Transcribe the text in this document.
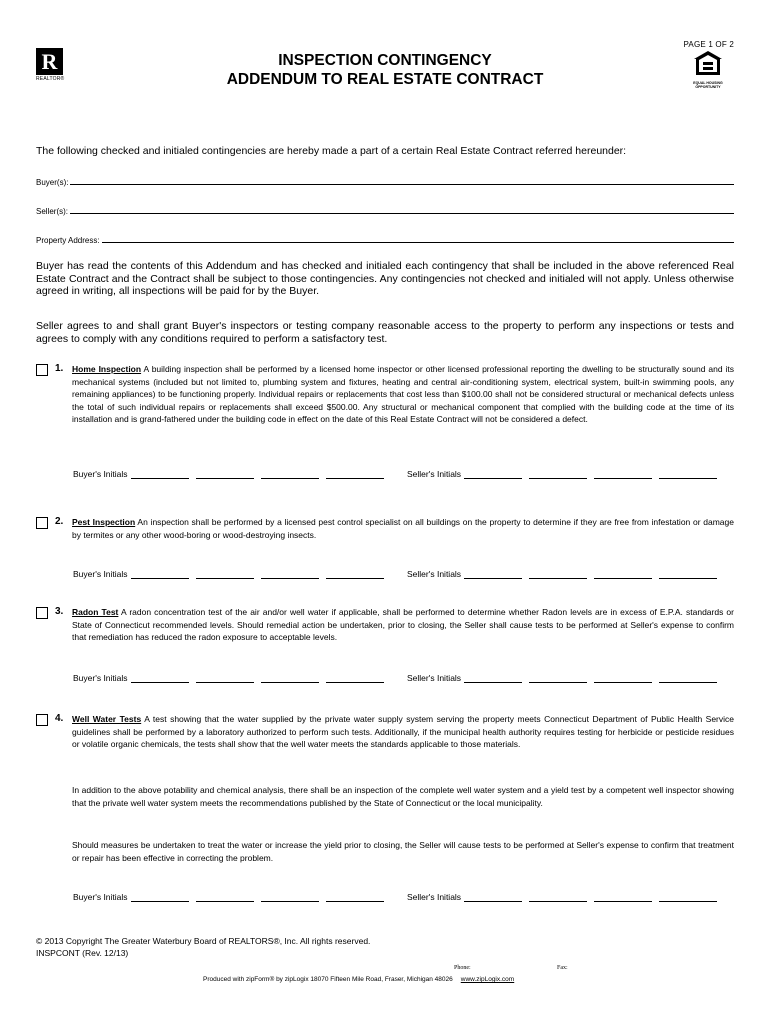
PAGE 1 OF 2
R
REALTOR®
EQUAL HOUSING
OPPORTUNITY
INSPECTION CONTINGENCY
ADDENDUM TO REAL ESTATE CONTRACT
The following checked and initialed contingencies are hereby made a part of a certain Real Estate Contract referred hereunder:
Buyer(s):
Seller(s):
Property Address:
Buyer has read the contents of this Addendum and has checked and initialed each contingency that shall be included in the above referenced Real Estate Contract and the Contract shall be subject to those contingencies. Any contingencies not checked and initialed will not apply. Unless otherwise agreed in writing, all inspections will be paid for by the Buyer.
Seller agrees to and shall grant Buyer's inspectors or testing company reasonable access to the property to perform any inspections or tests and agrees to comply with any conditions required to perform a satisfactory test.
1. Home Inspection A building inspection shall be performed by a licensed home inspector or other licensed professional reporting the dwelling to be structurally sound and its mechanical systems (included but not limited to, plumbing system and fixtures, heating and central air-conditioning system, electrical system, built-in swimming pools, any remaining appliances) to be functioning properly. Individual repairs or replacements that cost less than $100.00 shall not be considered structural or mechanical defects unless the total of such individual repairs or replacements shall exceed $500.00. Any structural or mechanical component that complied with the building code at the time of its installation and is grand-fathered under the building code in effect on the date of this Real Estate Contract will not be considered a defect.
Buyer's Initials	Seller's Initials
2. Pest Inspection An inspection shall be performed by a licensed pest control specialist on all buildings on the property to determine if they are free from infestation or damage by termites or any other wood-boring or wood-destroying insects.
Buyer's Initials	Seller's Initials
3. Radon Test A radon concentration test of the air and/or well water if applicable, shall be performed to determine whether Radon levels are in excess of E.P.A. standards or State of Connecticut recommended levels. Should remedial action be undertaken, prior to closing, the Seller shall cause tests to be performed at Seller's expense to confirm that remediation has reduced the radon exposure to acceptable levels.
Buyer's Initials	Seller's Initials
4. Well Water Tests A test showing that the water supplied by the private water supply system serving the property meets Connecticut Department of Public Health Service guidelines shall be performed by a laboratory authorized to perform such tests. Additionally, if the municipal health authority requires testing for herbicide or pesticide residues or volatile organic chemicals, the tests shall show that the well water meets the standards applicable to those materials.
In addition to the above potability and chemical analysis, there shall be an inspection of the complete well water system and a yield test by a competent well inspector showing that the private well water system meets the recommendations published by the State of Connecticut or the local municipality.
Should measures be undertaken to treat the water or increase the yield prior to closing, the Seller will cause tests to be performed at Seller's expense to confirm that treatment or repair has been effective in correcting the problem.
Buyer's Initials	Seller's Initials
© 2013 Copyright The Greater Waterbury Board of REALTORS®, Inc. All rights reserved.
INSPCONT (Rev. 12/13)
Phone:	Fax:
Produced with zipForm® by zipLogix 18070 Fifteen Mile Road, Fraser, Michigan 48026 www.zipLogix.com
